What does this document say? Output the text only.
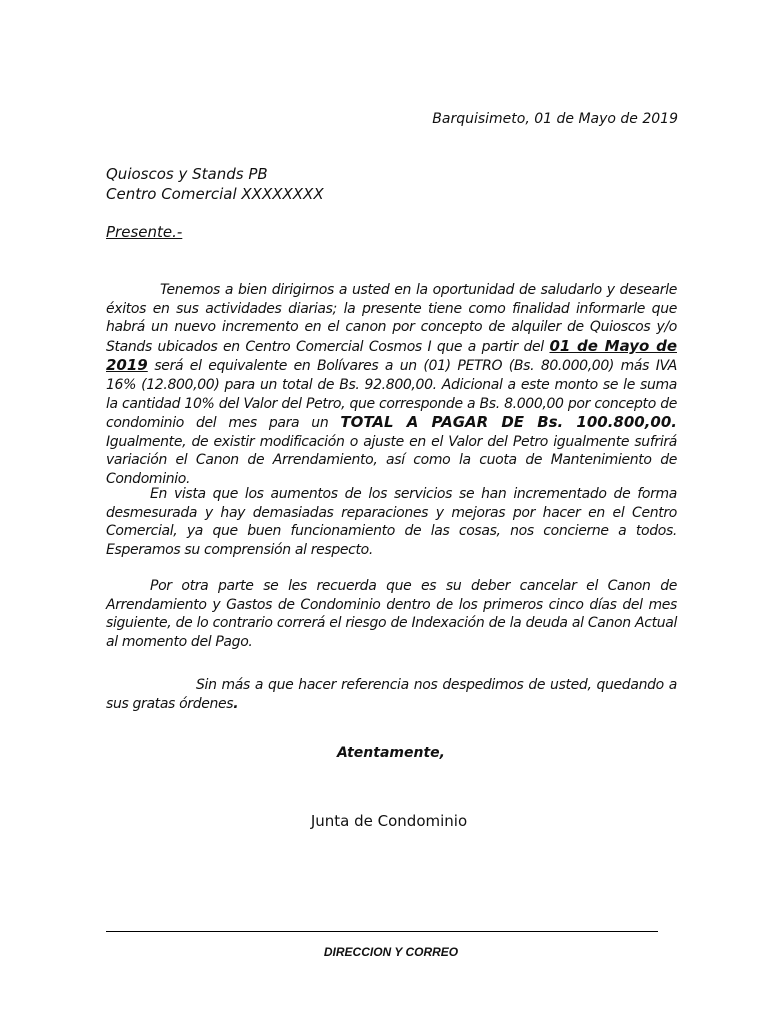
Barquisimeto, 01 de Mayo de 2019
Quioscos y Stands PB
Centro Comercial XXXXXXXX
Presente.-

Tenemos a bien dirigirnos a usted en la oportunidad de saludarlo y desearle éxitos en sus actividades diarias; la presente tiene como finalidad informarle que habrá un nuevo incremento en el canon por concepto de alquiler de Quioscos y/o Stands ubicados en Centro Comercial Cosmos I que a partir del 01 de Mayo de 2019 será el equivalente en Bolívares a un (01) PETRO (Bs. 80.000,00) más IVA 16% (12.800,00) para un total de Bs. 92.800,00. Adicional a este monto se le suma la cantidad 10% del Valor del Petro, que corresponde a Bs. 8.000,00 por concepto de condominio del mes para un TOTAL A PAGAR DE Bs. 100.800,00. Igualmente, de existir modificación o ajuste en el Valor del Petro igualmente sufrirá variación el Canon de Arrendamiento, así como la cuota de Mantenimiento de Condominio.

En vista que los aumentos de los servicios se han incrementado de forma desmesurada y hay demasiadas reparaciones y mejoras por hacer en el Centro Comercial, ya que buen funcionamiento de las cosas, nos concierne a todos. Esperamos su comprensión al respecto.

Por otra parte se les recuerda que es su deber cancelar el Canon de Arrendamiento y Gastos de Condominio dentro de los primeros cinco días del mes siguiente, de lo contrario correrá el riesgo de Indexación de la deuda al Canon Actual al momento del Pago.

Sin más a que hacer referencia nos despedimos de usted, quedando a sus gratas órdenes.

Atentamente,
Junta de Condominio
DIRECCION Y CORREO
